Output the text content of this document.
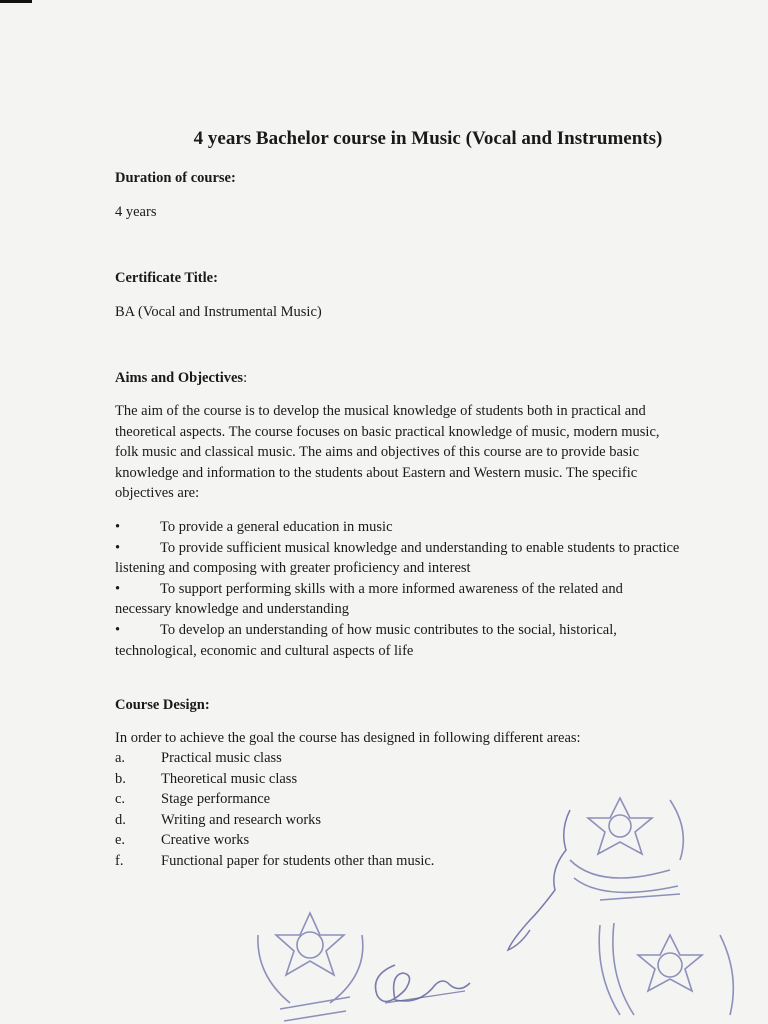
4 years Bachelor course in Music (Vocal and Instruments)

Duration of course:

4 years

Certificate Title:

BA (Vocal and Instrumental Music)

Aims and Objectives:

The aim of the course is to develop the musical knowledge of students both in practical and
theoretical aspects. The course focuses on basic practical knowledge of music, modern music,
folk music and classical music. The aims and objectives of this course are to provide basic
knowledge and information to the students about Eastern and Western music. The specific
objectives are:

•	To provide a general education in music

•	To provide sufficient musical knowledge and understanding to enable students to practice
listening and composing with greater proficiency and interest

•	To support performing skills with a more informed awareness of the related and
necessary knowledge and understanding

•	To develop an understanding of how music contributes to the social, historical,
technological, economic and cultural aspects of life

Course Design:

In order to achieve the goal the course has designed in following different areas:

a.	Practical music class
b.	Theoretical music class
c.	Stage performance
d.	Writing and research works
e.	Creative works
f.	Functional paper for students other than music.
